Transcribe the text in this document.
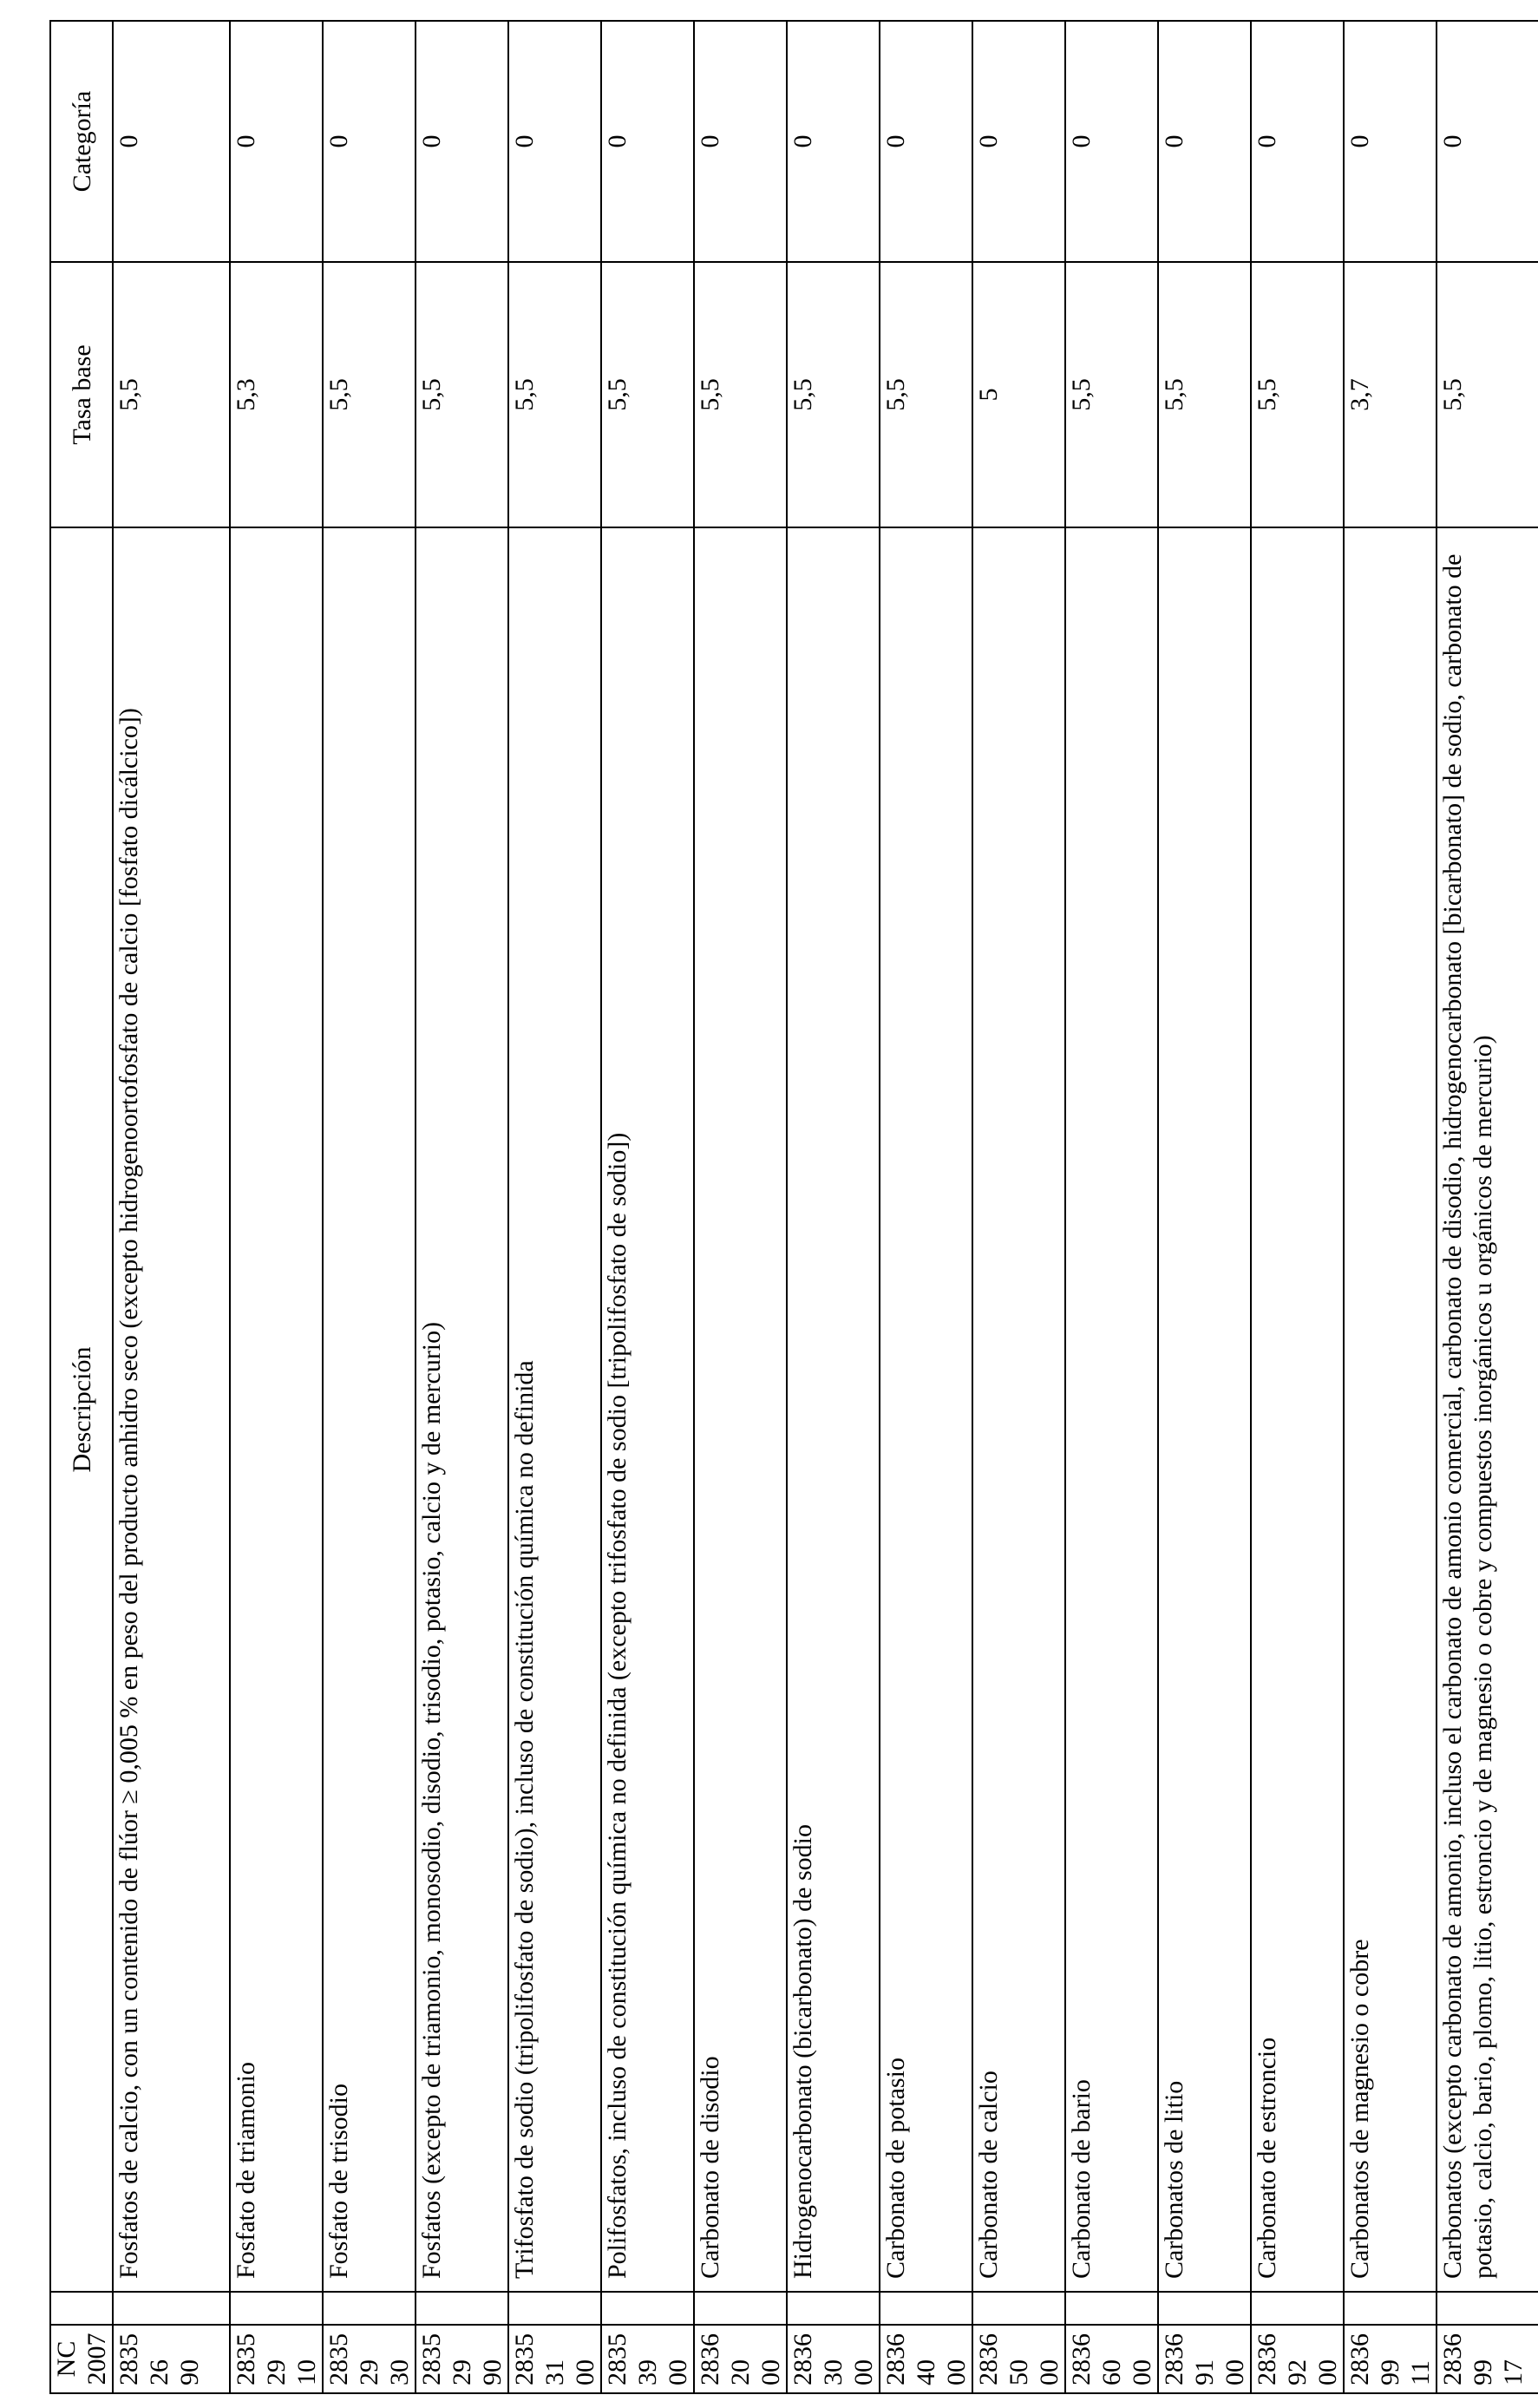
NC 2007		Descripción	Tasa base	Categoría
2835 26 90		Fosfatos de calcio, con un contenido de flúor ≥ 0,005 % en peso del producto anhidro seco (excepto hidrogenoortofosfato de calcio [fosfato dicálcico])	5,5	0
2835 29 10		Fosfato de triamonio	5,3	0
2835 29 30		Fosfato de trisodio	5,5	0
2835 29 90		Fosfatos (excepto de triamonio, monosodio, disodio, trisodio, potasio, calcio y de mercurio)	5,5	0
2835 31 00		Trifosfato de sodio (tripolifosfato de sodio), incluso de constitución química no definida	5,5	0
2835 39 00		Polifosfatos, incluso de constitución química no definida (excepto trifosfato de sodio [tripolifosfato de sodio])	5,5	0
2836 20 00		Carbonato de disodio	5,5	0
2836 30 00		Hidrogenocarbonato (bicarbonato) de sodio	5,5	0
2836 40 00		Carbonato de potasio	5,5	0
2836 50 00		Carbonato de calcio	5	0
2836 60 00		Carbonato de bario	5,5	0
2836 91 00		Carbonatos de litio	5,5	0
2836 92 00		Carbonato de estroncio	5,5	0
2836 99 11		Carbonatos de magnesio o cobre	3,7	0
2836 99 17		Carbonatos (excepto carbonato de amonio, incluso el carbonato de amonio comercial, carbonato de disodio, hidrogenocarbonato [bicarbonato] de sodio, carbonato de potasio, calcio, bario, plomo, litio, estroncio y de magnesio o cobre y compuestos inorgánicos u orgánicos de mercurio)	5,5	0
